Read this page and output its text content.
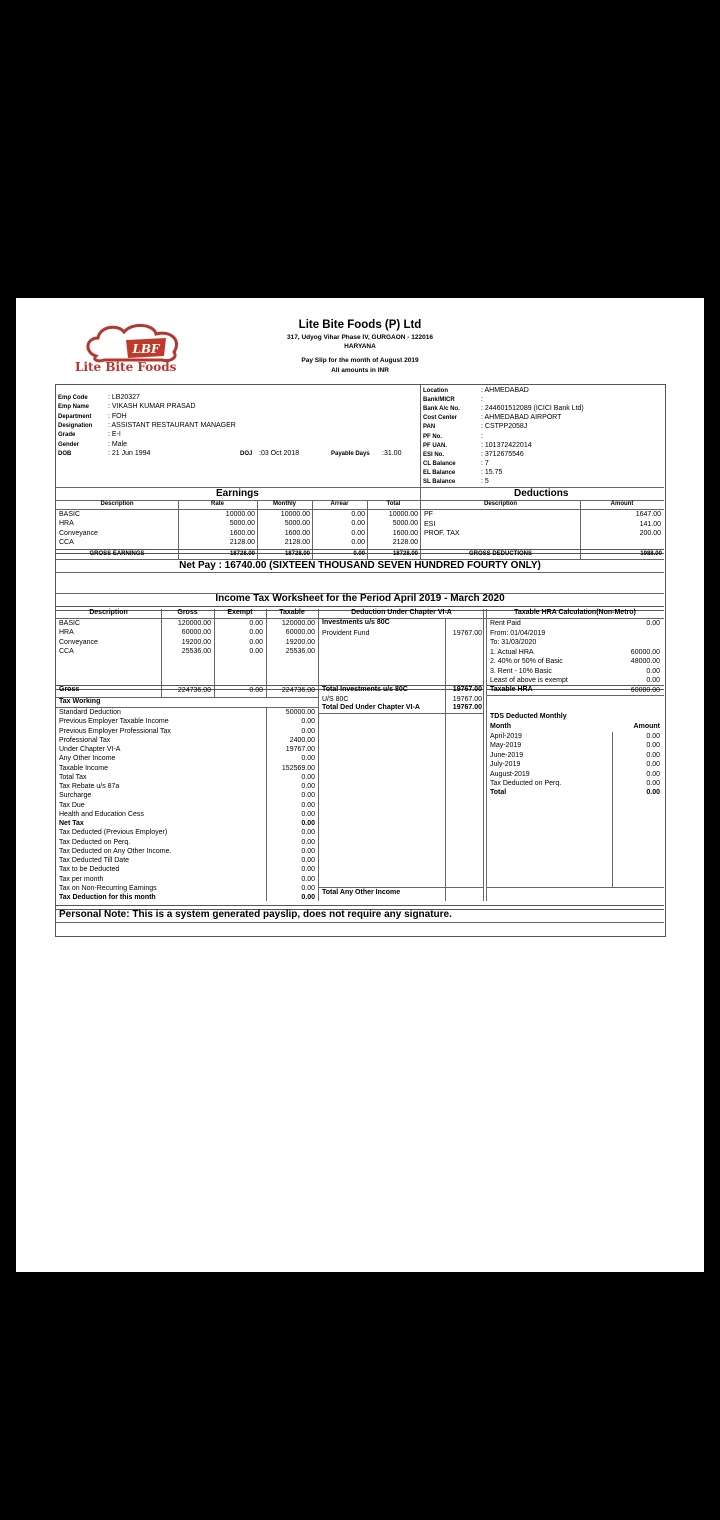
LBF
Lite Bite Foods
Lite Bite Foods (P) Ltd
317, Udyog Vihar Phase IV, GURGAON - 122016
HARYANA
Pay Slip for the month of August 2019
All amounts in INR
Emp Code	: LB20327
Emp Name	: VIKASH KUMAR PRASAD
Department : FOH
Designation : ASSISTANT RESTAURANT MANAGER
Grade	: E-I
Gender	: Male
DOB	: 21 Jun 1994	DOJ :03 Oct 2018	Payable Days :31.00
Location	: AHMEDABAD
Bank/MICR	:
Bank A/c No.	: 244601512089 (ICICI Bank Ltd)
Cost Center	: AHMEDABAD AIRPORT
PAN	: CSTPP2058J
PF No.	:
PF UAN.	: 101372422014
ESI No.	: 3712675546
CL Balance	: 7
EL Balance	: 15.75
SL Balance	: 5
Earnings	Deductions
Description	Rate	Monthly	Arrear	Total
BASIC	10000.00	10000.00	0.00	10000.00
HRA	5000.00	5000.00	0.00	5000.00
Conveyance	1600.00	1600.00	0.00	1600.00
CCA	2128.00	2128.00	0.00	2128.00
Description	Amount
PF	1647.00
ESI	141.00
PROF. TAX	200.00
GROSS EARNINGS	18728.00	18728.00	0.00	18728.00	GROSS DEDUCTIONS	1988.00
Net Pay : 16740.00 (SIXTEEN THOUSAND SEVEN HUNDRED FOURTY ONLY)
Income Tax Worksheet for the Period April 2019 - March 2020
Description	Gross	Exempt	Taxable
BASIC	120000.00	0.00	120000.00
HRA	60000.00	0.00	60000.00
Conveyance	19200.00	0.00	19200.00
CCA	25536.00	0.00	25536.00
Gross	224736.00	0.00	224736.00
Tax Working
Standard Deduction	50000.00
Previous Employer Taxable Income	0.00
Previous Employer Professional Tax	0.00
Professional Tax	2400.00
Under Chapter VI-A	19767.00
Any Other Income	0.00
Taxable Income	152569.00
Total Tax	0.00
Tax Rebate u/s 87a	0.00
Surcharge	0.00
Tax Due	0.00
Health and Education Cess	0.00
Net Tax	0.00
Tax Deducted (Previous Employer)	0.00
Tax Deducted on Perq.	0.00
Tax Deducted on Any Other Income.	0.00
Tax Deducted Till Date	0.00
Tax to be Deducted	0.00
Tax per month	0.00
Tax on Non-Recurring Earnings	0.00
Tax Deduction for this month	0.00
Deduction Under Chapter VI-A
Investments u/s 80C
Provident Fund	19767.00
Total Investments u/s 80C	19767.00
U/S 80C	19767.00
Total Ded Under Chapter VI-A	19767.00
Total Any Other Income
Taxable HRA Calculation(Non-Metro)
Rent Paid	0.00
From: 01/04/2019
To: 31/03/2020
1. Actual HRA	60000.00
2. 40% or 50% of Basic	48000.00
3. Rent - 10% Basic	0.00
Least of above is exempt	0.00
Taxable HRA	60000.00
TDS Deducted Monthly
Month	Amount
April-2019	0.00
May-2019	0.00
June-2019	0.00
July-2019	0.00
August-2019	0.00
Tax Deducted on Perq.	0.00
Total	0.00
Personal Note: This is a system generated payslip, does not require any signature.
